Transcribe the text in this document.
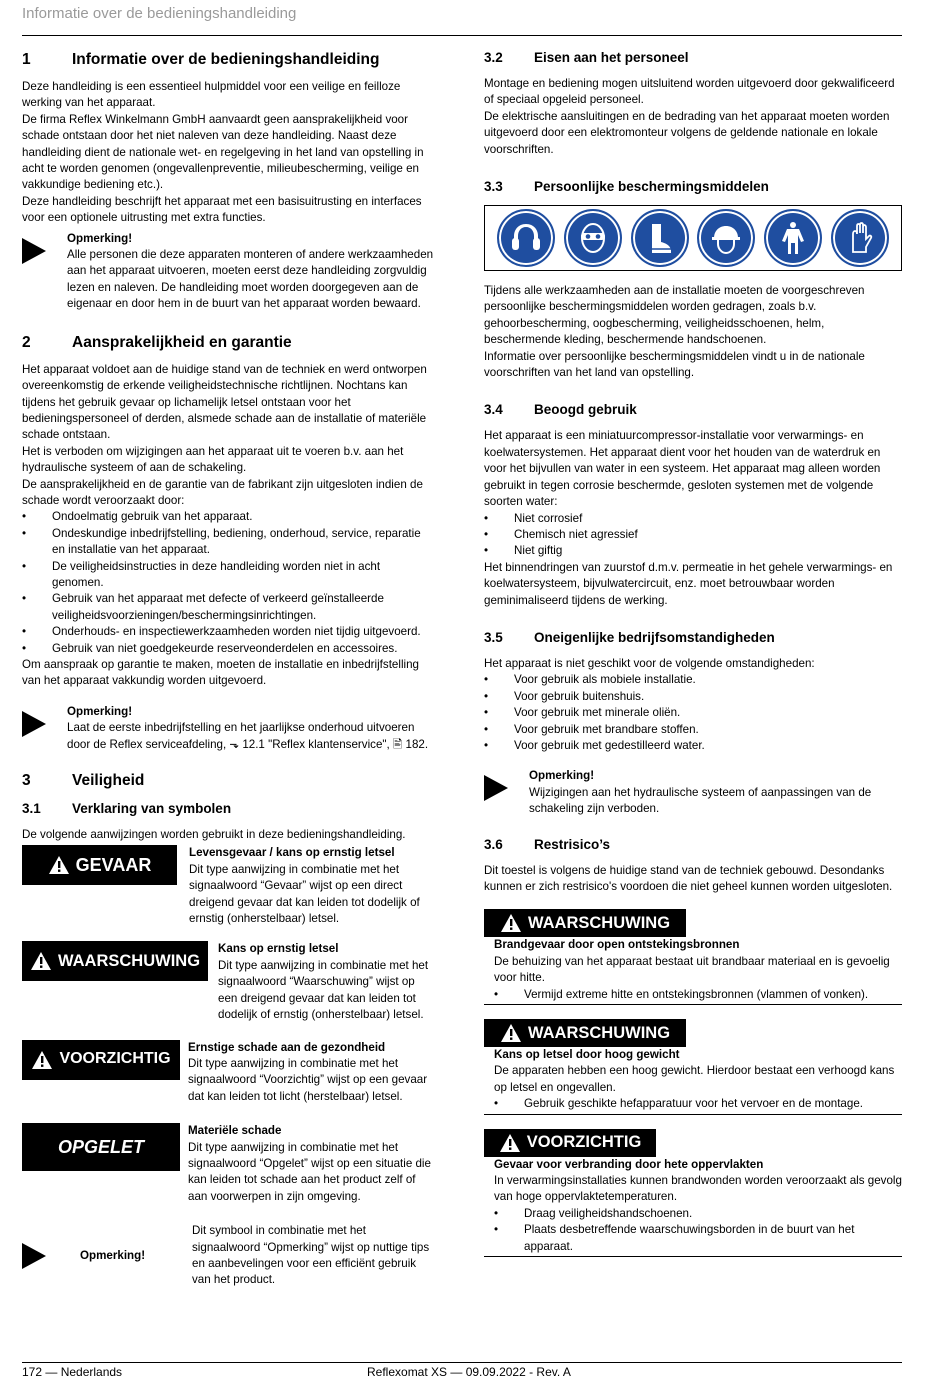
Informatie over de bedieningshandleiding
1	Informatie over de bedieningshandleiding

Deze handleiding is een essentieel hulpmiddel voor een veilige en feilloze werking van het apparaat.

De firma Reflex Winkelmann GmbH aanvaardt geen aansprakelijkheid voor schade ontstaan door het niet naleven van deze handleiding. Naast deze handleiding dient de nationale wet- en regelgeving in het land van opstelling in acht te worden genomen (ongevallenpreventie, milieubescherming, veilige en vakkundige bediening etc.).

Deze handleiding beschrijft het apparaat met een basisuitrusting en interfaces voor een optionele uitrusting met extra functies.

Opmerking!
Alle personen die deze apparaten monteren of andere werkzaamheden aan het apparaat uitvoeren, moeten eerst deze handleiding zorgvuldig lezen en naleven. De handleiding moet worden doorgegeven aan de eigenaar en door hem in de buurt van het apparaat worden bewaard.
2	Aansprakelijkheid en garantie

Het apparaat voldoet aan de huidige stand van de techniek en werd ontworpen overeenkomstig de erkende veiligheidstechnische richtlijnen. Nochtans kan tijdens het gebruik gevaar op lichamelijk letsel ontstaan voor het bedieningspersoneel of derden, alsmede schade aan de installatie of materiële schade ontstaan.

Het is verboden om wijzigingen aan het apparaat uit te voeren b.v. aan het hydraulische systeem of aan de schakeling.

De aansprakelijkheid en de garantie van de fabrikant zijn uitgesloten indien de schade wordt veroorzaakt door:

• Ondoelmatig gebruik van het apparaat.
• Ondeskundige inbedrijfstelling, bediening, onderhoud, service, reparatie en installatie van het apparaat.
• De veiligheidsinstructies in deze handleiding worden niet in acht genomen.
• Gebruik van het apparaat met defecte of verkeerd geïnstalleerde veiligheidsvoorzieningen/beschermingsinrichtingen.
• Onderhouds- en inspectiewerkzaamheden worden niet tijdig uitgevoerd.
• Gebruik van niet goedgekeurde reserveonderdelen en accessoires.

Om aanspraak op garantie te maken, moeten de installatie en inbedrijfstelling van het apparaat vakkundig worden uitgevoerd.

Opmerking!
Laat de eerste inbedrijfstelling en het jaarlijkse onderhoud uitvoeren door de Reflex serviceafdeling, ⬎ 12.1 "Reflex klantenservice", 🖹 182.
3	Veiligheid
3.1	Verklaring van symbolen

De volgende aanwijzingen worden gebruikt in deze bedieningshandleiding.

GEVAAR
Levensgevaar / kans op ernstig letsel
Dit type aanwijzing in combinatie met het signaalwoord “Gevaar” wijst op een direct dreigend gevaar dat kan leiden tot dodelijk of ernstig (onherstelbaar) letsel.
WAARSCHUWING
Kans op ernstig letsel
Dit type aanwijzing in combinatie met het signaalwoord “Waarschuwing” wijst op een dreigend gevaar dat kan leiden tot dodelijk of ernstig (onherstelbaar) letsel.
VOORZICHTIG
Ernstige schade aan de gezondheid
Dit type aanwijzing in combinatie met het signaalwoord “Voorzichtig” wijst op een gevaar dat kan leiden tot licht (herstelbaar) letsel.
OPGELET
Materiële schade
Dit type aanwijzing in combinatie met het signaalwoord “Opgelet” wijst op een situatie die kan leiden tot schade aan het product zelf of aan voorwerpen in zijn omgeving.
Opmerking!
Dit symbool in combinatie met het signaalwoord “Opmerking” wijst op nuttige tips en aanbevelingen voor een efficiënt gebruik van het product.
3.2	Eisen aan het personeel

Montage en bediening mogen uitsluitend worden uitgevoerd door gekwalificeerd of speciaal opgeleid personeel.

De elektrische aansluitingen en de bedrading van het apparaat moeten worden uitgevoerd door een elektromonteur volgens de geldende nationale en lokale voorschriften.

3.3	Persoonlijke beschermingsmiddelen

Tijdens alle werkzaamheden aan de installatie moeten de voorgeschreven persoonlijke beschermingsmiddelen worden gedragen, zoals b.v. gehoorbescherming, oogbescherming, veiligheidsschoenen, helm, beschermende kleding, beschermende handschoenen.

Informatie over persoonlijke beschermingsmiddelen vindt u in de nationale voorschriften van het land van opstelling.

3.4	Beoogd gebruik

Het apparaat is een miniatuurcompressor-installatie voor verwarmings- en koelwatersystemen. Het apparaat dient voor het houden van de waterdruk en voor het bijvullen van water in een systeem. Het apparaat mag alleen worden gebruikt in tegen corrosie beschermde, gesloten systemen met de volgende soorten water:

• Niet corrosief
• Chemisch niet agressief
• Niet giftig

Het binnendringen van zuurstof d.m.v. permeatie in het gehele verwarmings- en koelwatersysteem, bijvulwatercircuit, enz. moet betrouwbaar worden geminimaliseerd tijdens de werking.

3.5	Oneigenlijke bedrijfsomstandigheden

Het apparaat is niet geschikt voor de volgende omstandigheden:

• Voor gebruik als mobiele installatie.
• Voor gebruik buitenshuis.
• Voor gebruik met minerale oliën.
• Voor gebruik met brandbare stoffen.
• Voor gebruik met gedestilleerd water.
Opmerking!
Wijzigingen aan het hydraulische systeem of aanpassingen van de schakeling zijn verboden.
3.6	Restrisico’s

Dit toestel is volgens de huidige stand van de techniek gebouwd. Desondanks kunnen er zich restrisico's voordoen die niet geheel kunnen worden uitgesloten.

WAARSCHUWING
Brandgevaar door open ontstekingsbronnen
De behuizing van het apparaat bestaat uit brandbaar materiaal en is gevoelig voor hitte.
• Vermijd extreme hitte en ontstekingsbronnen (vlammen of vonken).
WAARSCHUWING
Kans op letsel door hoog gewicht
De apparaten hebben een hoog gewicht. Hierdoor bestaat een verhoogd kans op letsel en ongevallen.
• Gebruik geschikte hefapparatuur voor het vervoer en de montage.
VOORZICHTIG
Gevaar voor verbranding door hete oppervlakten
In verwarmingsinstallaties kunnen brandwonden worden veroorzaakt als gevolg van hoge oppervlaktetemperaturen.
• Draag veiligheidshandschoenen.
• Plaats desbetreffende waarschuwingsborden in de buurt van het apparaat.
172 — Nederlands	Reflexomat XS — 09.09.2022 - Rev. A
